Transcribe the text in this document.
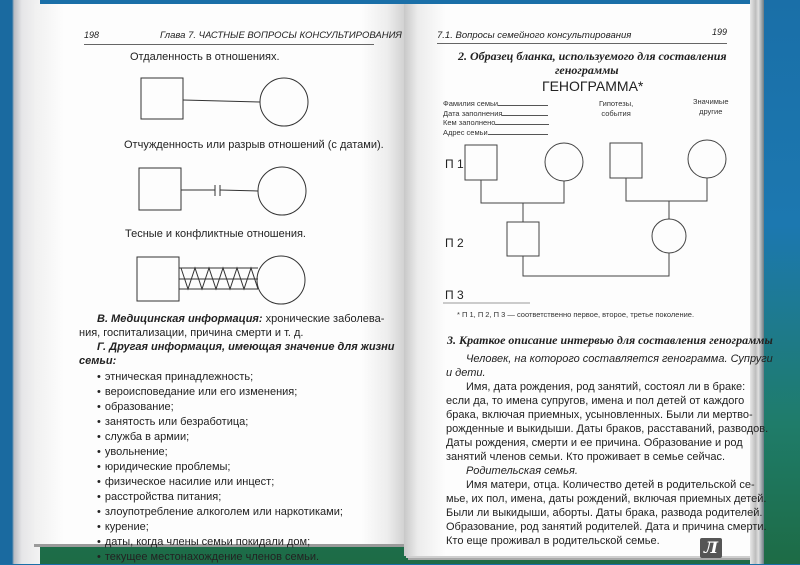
198	Глава 7. ЧАСТНЫЕ ВОПРОСЫ КОНСУЛЬТИРОВАНИЯ
Отдаленность в отношениях.
Отчужденность или разрыв отношений (с датами).
Тесные и конфликтные отношения.
В. Медицинская информация: хронические заболева-
ния, госпитализации, причина смерти и т. д.
Г. Другая информация, имеющая значение для жизни
семьи:
• этническая принадлежность;
• вероисповедание или его изменения;
• образование;
• занятость или безработица;
• служба в армии;
• увольнение;
• юридические проблемы;
• физическое насилие или инцест;
• расстройства питания;
• злоупотребление алкоголем или наркотиками;
• курение;
• даты, когда члены семьи покидали дом;
• текущее местонахождение членов семьи.
7.1. Вопросы семейного консультирования	199
2. Образец бланка, используемого для составления
генограммы
ГЕНОГРАММА*
Фамилия семьи
Дата заполнения
Кем заполнено
Адрес семьи
Гипотезы,
события
Значимые
другие
П 1
П 2
П 3
* П 1, П 2, П 3 — соответственно первое, второе, третье поколение.
3. Краткое описание интервью для составления генограммы
Человек, на которого составляется генограмма. Супруги
и дети.
Имя, дата рождения, род занятий, состоял ли в браке:
если да, то имена супругов, имена и пол детей от каждого
брака, включая приемных, усыновленных. Были ли мертво-
рожденные и выкидыши. Даты браков, расставаний, разводов.
Даты рождения, смерти и ее причина. Образование и род
занятий членов семьи. Кто проживает в семье сейчас.
Родительская семья.
Имя матери, отца. Количество детей в родительской се-
мье, их пол, имена, даты рождений, включая приемных детей.
Были ли выкидыши, аборты. Даты брака, развода родителей.
Образование, род занятий родителей. Дата и причина смерти.
Кто еще проживал в родительской семье.	Л
